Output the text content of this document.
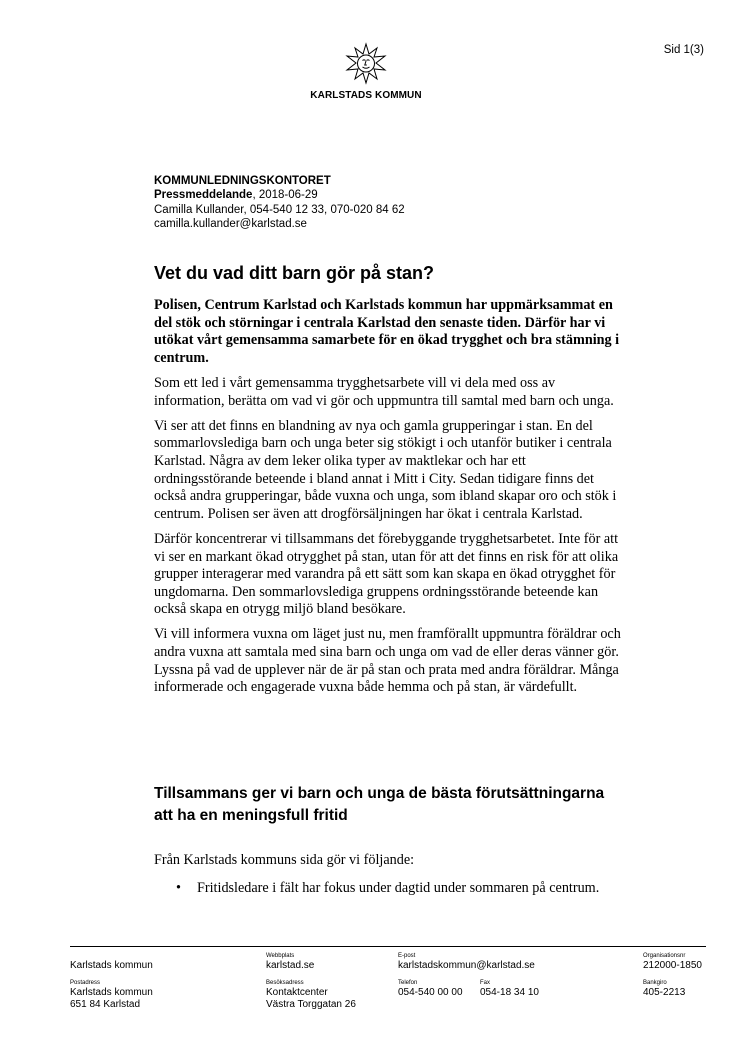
Sid 1(3)
KARLSTADS KOMMUN
KOMMUNLEDNINGSKONTORET
Pressmeddelande, 2018-06-29
Camilla Kullander, 054-540 12 33, 070-020 84 62
camilla.kullander@karlstad.se
Vet du vad ditt barn gör på stan?

Polisen, Centrum Karlstad och Karlstads kommun har uppmärksammat en del stök och störningar i centrala Karlstad den senaste tiden. Därför har vi utökat vårt gemensamma samarbete för en ökad trygghet och bra stämning i centrum.

Som ett led i vårt gemensamma trygghetsarbete vill vi dela med oss av information, berätta om vad vi gör och uppmuntra till samtal med barn och unga.

Vi ser att det finns en blandning av nya och gamla grupperingar i stan. En del sommarlovslediga barn och unga beter sig stökigt i och utanför butiker i centrala Karlstad. Några av dem leker olika typer av maktlekar och har ett ordningsstörande beteende i bland annat i Mitt i City. Sedan tidigare finns det också andra grupperingar, både vuxna och unga, som ibland skapar oro och stök i centrum. Polisen ser även att drogförsäljningen har ökat i centrala Karlstad.

Därför koncentrerar vi tillsammans det förebyggande trygghetsarbetet. Inte för att vi ser en markant ökad otrygghet på stan, utan för att det finns en risk för att olika grupper interagerar med varandra på ett sätt som kan skapa en ökad otrygghet för ungdomarna. Den sommarlovslediga gruppens ordningsstörande beteende kan också skapa en otrygg miljö bland besökare.

Vi vill informera vuxna om läget just nu, men framförallt uppmuntra föräldrar och andra vuxna att samtala med sina barn och unga om vad de eller deras vänner gör. Lyssna på vad de upplever när de är på stan och prata med andra föräldrar. Många informerade och engagerade vuxna både hemma och på stan, är värdefullt.

Tillsammans ger vi barn och unga de bästa förutsättningarna att ha en meningsfull fritid
Från Karlstads kommuns sida gör vi följande:
• Fritidsledare i fält har fokus under dagtid under sommaren på centrum.

Karlstads kommun
Webbplats
karlstad.se
E-post
karlstadskommun@karlstad.se
Organisationsnr
212000-1850
Postadress
Karlstads kommun
651 84 Karlstad
Besöksadress
Kontaktcenter
Västra Torggatan 26
Telefon
054-540 00 00
Fax
054-18 34 10
Bankgiro
405-2213
